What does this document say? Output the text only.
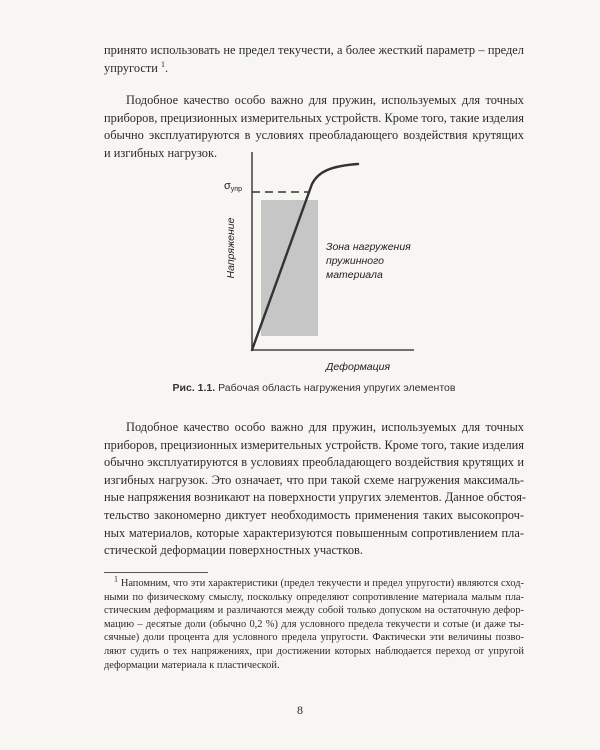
принято использовать не предел текучести, а более жесткий параметр – предел
упругости $^1$.
Подобное качество особо важно для пружин, используемых для точных
приборов, прецизионных измерительных устройств. Кроме того, такие изделия
обычно эксплуатируются в условиях преобладающего воздействия крутящих
и изгибных нагрузок.
σупр
Напряжение	Зона нагружения пружинного материала
Деформация
Рис. 1.1. Рабочая область нагружения упругих элементов
Подобное качество особо важно для пружин, используемых для точных
приборов, прецизионных измерительных устройств. Кроме того, такие изделия
обычно эксплуатируются в условиях преобладающего воздействия крутящих и
изгибных нагрузок. Это означает, что при такой схеме нагружения максималь-
ные напряжения возникают на поверхности упругих элементов. Данное обстоя-
тельство закономерно диктует необходимость применения таких высокопроч-
ных материалов, которые характеризуются повышенным сопротивлением пла-
стической деформации поверхностных участков.
$^1$ Напомним, что эти характеристики (предел текучести и предел упругости) являются сход-
ными по физическому смыслу, поскольку определяют сопротивление материала малым пла-
стическим деформациям и различаются между собой только допуском на остаточную дефор-
мацию – десятые доли (обычно 0,2 %) для условного предела текучести и сотые (и даже ты-
сячные) доли процента для условного предела упругости. Фактически эти величины позво-
ляют судить о тех напряжениях, при достижении которых наблюдается переход от упругой
деформации материала к пластической.
8
